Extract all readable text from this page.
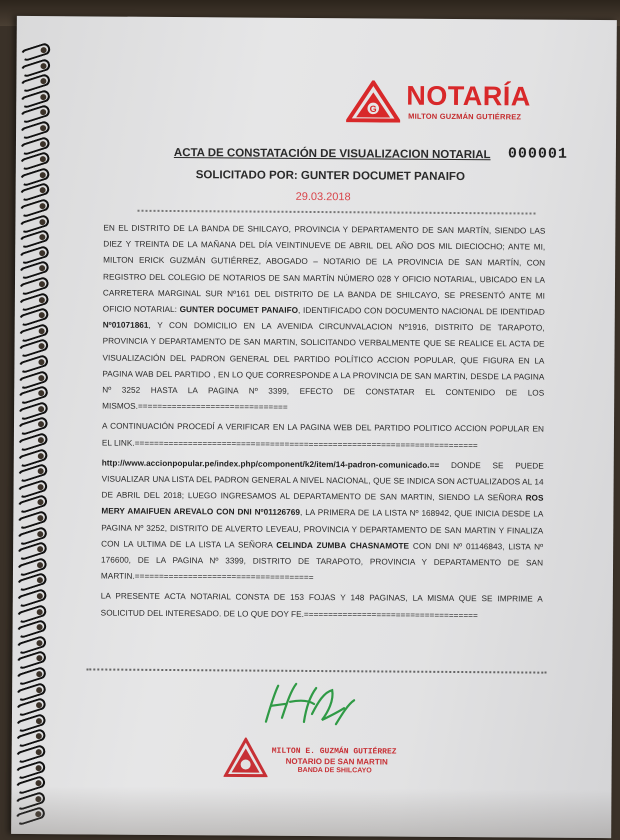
G NOTARÍA
MILTON GUZMÁN GUTIÉRREZ
ACTA DE CONSTATACIÓN DE VISUALIZACION NOTARIAL 000001
SOLICITADO POR: GUNTER DOCUMET PANAIFO
29.03.2018
EN EL DISTRITO DE LA BANDA DE SHILCAYO, PROVINCIA Y DEPARTAMENTO DE SAN MARTÍN, SIENDO LAS DIEZ Y TREINTA DE LA MAÑANA DEL DÍA VEINTINUEVE DE ABRIL DEL AÑO DOS MIL DIECIOCHO; ANTE MI, MILTON ERICK GUZMÁN GUTIÉRREZ, ABOGADO – NOTARIO DE LA PROVINCIA DE SAN MARTÍN, CON REGISTRO DEL COLEGIO DE NOTARIOS DE SAN MARTÍN NÚMERO 028 Y OFICIO NOTARIAL, UBICADO EN LA CARRETERA MARGINAL SUR Nº161 DEL DISTRITO DE LA BANDA DE SHILCAYO, SE PRESENTÓ ANTE MI OFICIO NOTARIAL: GUNTER DOCUMET PANAIFO, IDENTIFICADO CON DOCUMENTO NACIONAL DE IDENTIDAD Nº01071861, Y CON DOMICILIO EN LA AVENIDA CIRCUNVALACION Nº1916, DISTRITO DE TARAPOTO, PROVINCIA Y DEPARTAMENTO DE SAN MARTIN, SOLICITANDO VERBALMENTE QUE SE REALICE EL ACTA DE VISUALIZACIÓN DEL PADRON GENERAL DEL PARTIDO POLÍTICO ACCION POPULAR, QUE FIGURA EN LA PAGINA WAB DEL PARTIDO , EN LO QUE CORRESPONDE A LA PROVINCIA DE SAN MARTIN, DESDE LA PAGINA Nº 3252 HASTA LA PAGINA Nº 3399, EFECTO DE CONSTATAR EL CONTENIDO DE LOS MISMOS.===============================
A CONTINUACIÓN PROCEDÍ A VERIFICAR EN LA PAGINA WEB DEL PARTIDO POLITICO ACCION POPULAR EN EL LINK.=======================================================================
http://www.accionpopular.pe/index.php/component/k2/item/14-padron-comunicado.== DONDE SE PUEDE VISUALIZAR UNA LISTA DEL PADRON GENERAL A NIVEL NACIONAL, QUE SE INDICA SON ACTUALIZADOS AL 14 DE ABRIL DEL 2018; LUEGO INGRESAMOS AL DEPARTAMENTO DE SAN MARTIN, SIENDO LA SEÑORA ROS MERY AMAIFUEN AREVALO CON DNI Nº01126769, LA PRIMERA DE LA LISTA Nº 168942, QUE INICIA DESDE LA PAGINA Nº 3252, DISTRITO DE ALVERTO LEVEAU, PROVINCIA Y DEPARTAMENTO DE SAN MARTIN Y FINALIZA CON LA ULTIMA DE LA LISTA LA SEÑORA CELINDA ZUMBA CHASNAMOTE CON DNI Nº 01146843, LISTA Nº 176600, DE LA PAGINA Nº 3399, DISTRITO DE TARAPOTO, PROVINCIA Y DEPARTAMENTO DE SAN MARTIN.=====================================
LA PRESENTE ACTA NOTARIAL CONSTA DE 153 FOJAS Y 148 PAGINAS, LA MISMA QUE SE IMPRIME A SOLICITUD DEL INTERESADO. DE LO QUE DOY FE.====================================
MILTON E. GUZMÁN GUTIÉRREZ
NOTARIO DE SAN MARTIN
BANDA DE SHILCAYO
